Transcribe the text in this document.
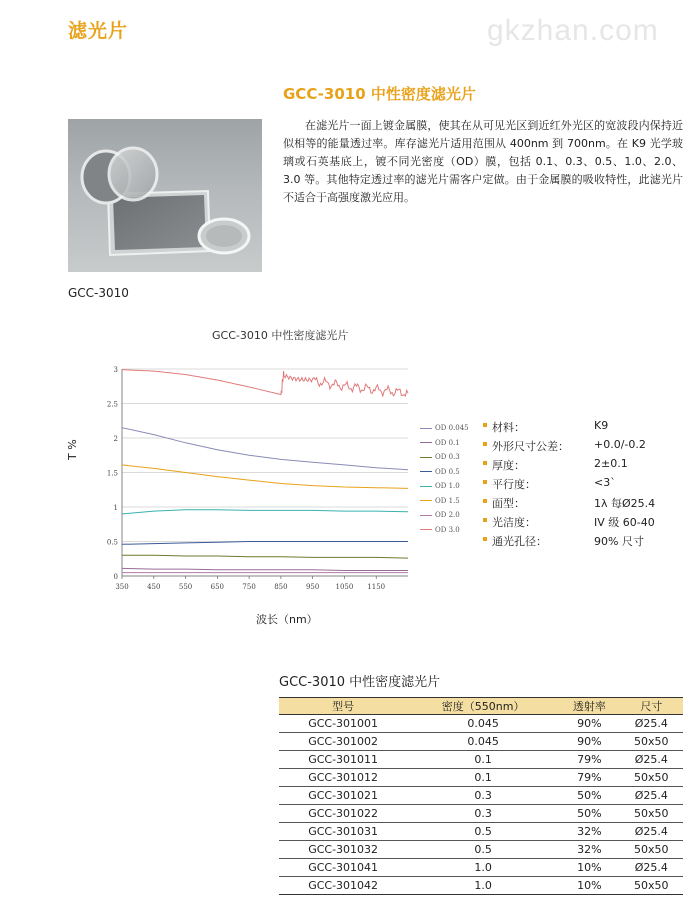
滤光片	gkzhan.com
GCC-3010 中性密度滤光片
GCC-3010
在滤光片一面上镀金属膜，使其在从可见光区到近红外光区的宽波段内保持近似相等的能量透过率。库存滤光片适用范围从 400nm 到 700nm。在 K9 光学玻璃或石英基底上，镀不同光密度（OD）膜，包括 0.1、0.3、0.5、1.0、2.0、3.0 等。其他特定透过率的滤光片需客户定做。由于金属膜的吸收特性，此滤光片不适合于高强度激光应用。
GCC-3010 中性密度滤光片
0
0.5
1
1.5
2
2.5
3
350	450	550	650	750	850	950 1050 1150
T %
波长（nm）
OD 0.045
OD 0.1
OD 0.3
OD 0.5
OD 1.0
OD 1.5
OD 2.0
OD 3.0
材料：	K9
外形尺寸公差： +0.0/-0.2
厚度：	2±0.1
平行度：	<3`
面型：	1λ 每Ø25.4
光洁度：	IV 级 60-40
通光孔径：	90% 尺寸
GCC-3010 中性密度滤光片
型号	密度（550nm）	透射率	尺寸
GCC-301001	0.045	90%	Ø25.4
GCC-301002	0.045	90%	50x50
GCC-301011	0.1	79%	Ø25.4
GCC-301012	0.1	79%	50x50
GCC-301021	0.3	50%	Ø25.4
GCC-301022	0.3	50%	50x50
GCC-301031	0.5	32%	Ø25.4
GCC-301032	0.5	32%	50x50
GCC-301041	1.0	10%	Ø25.4
GCC-301042	1.0	10%	50x50
